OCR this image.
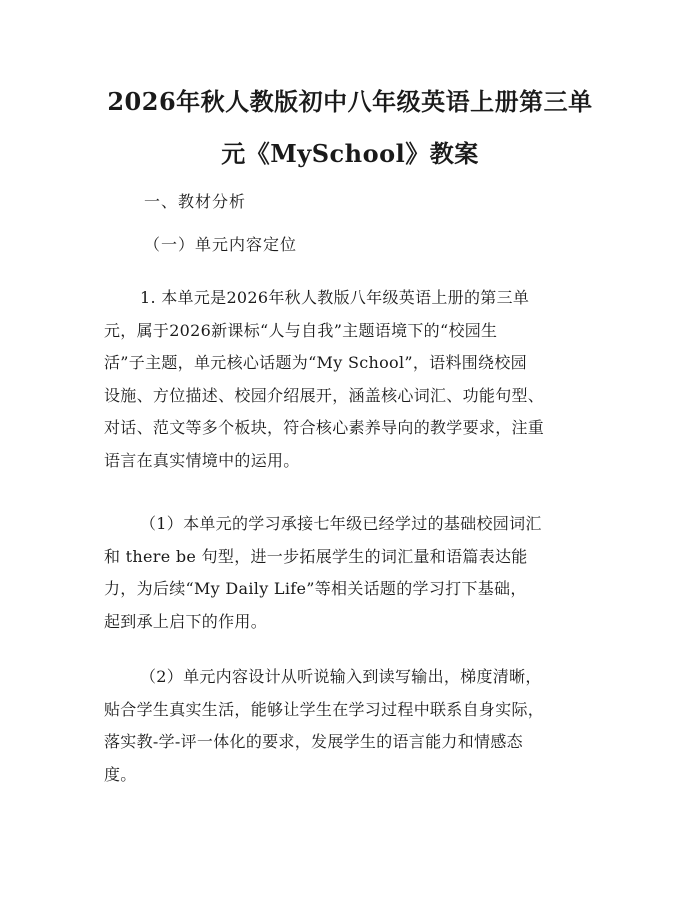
2026年秋人教版初中八年级英语上册第三单
元《MySchool》教案
一、教材分析
（一）单元内容定位
1. 本单元是2026年秋人教版八年级英语上册的第三单
元，属于2026新课标“人与自我”主题语境下的“校园生
活”子主题，单元核心话题为“My School”，语料围绕校园
设施、方位描述、校园介绍展开，涵盖核心词汇、功能句型、
对话、范文等多个板块，符合核心素养导向的教学要求，注重
语言在真实情境中的运用。
（1）本单元的学习承接七年级已经学过的基础校园词汇
和 there be 句型，进一步拓展学生的词汇量和语篇表达能
力，为后续“My Daily Life”等相关话题的学习打下基础，
起到承上启下的作用。
（2）单元内容设计从听说输入到读写输出，梯度清晰，
贴合学生真实生活，能够让学生在学习过程中联系自身实际，
落实教-学-评一体化的要求，发展学生的语言能力和情感态
度。
